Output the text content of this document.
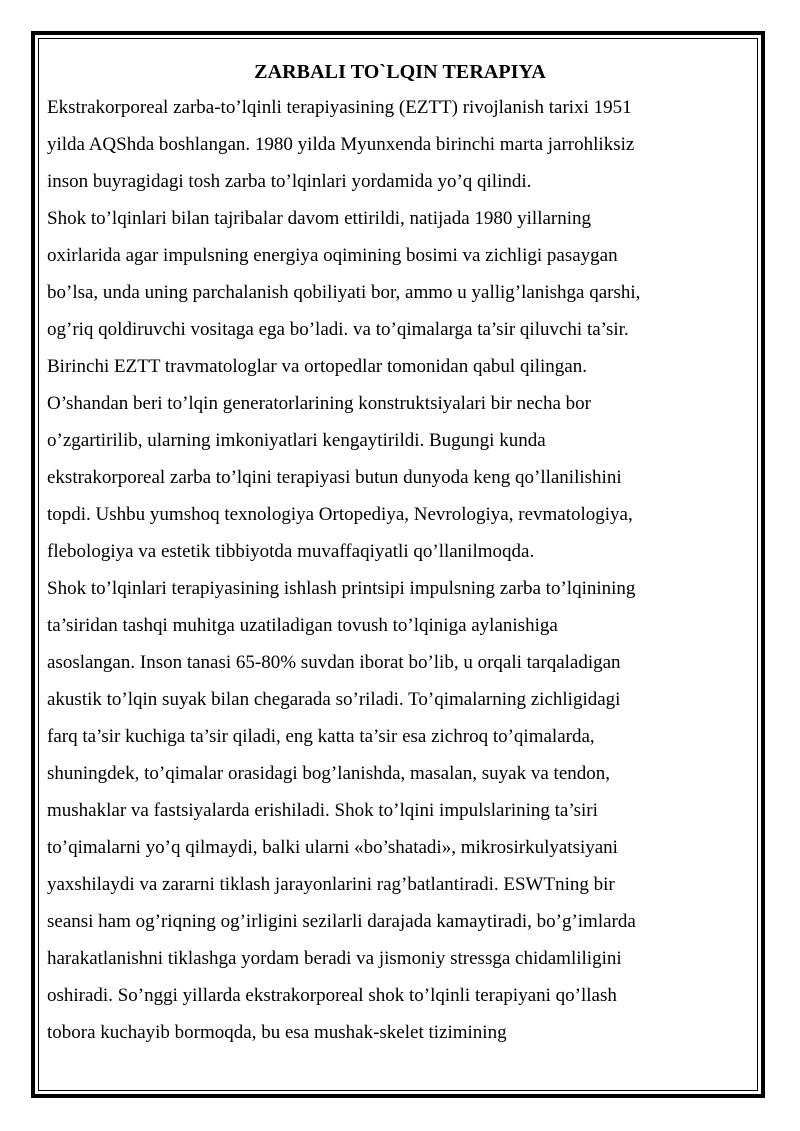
ZARBALI TO`LQIN TERAPIYA

Ekstrakorporeal zarba-to’lqinli terapiyasining (EZTT) rivojlanish tarixi 1951
yilda AQShda boshlangan. 1980 yilda Myunxenda birinchi marta jarrohliksiz
inson buyragidagi tosh zarba to’lqinlari yordamida yo’q qilindi.

Shok to’lqinlari bilan tajribalar davom ettirildi, natijada 1980 yillarning
oxirlarida agar impulsning energiya oqimining bosimi va zichligi pasaygan
bo’lsa, unda uning parchalanish qobiliyati bor, ammo u yallig’lanishga qarshi,
og’riq qoldiruvchi vositaga ega bo’ladi. va to’qimalarga ta’sir qiluvchi ta’sir.
Birinchi EZTT travmatologlar va ortopedlar tomonidan qabul qilingan.
O’shandan beri to’lqin generatorlarining konstruktsiyalari bir necha bor
o’zgartirilib, ularning imkoniyatlari kengaytirildi. Bugungi kunda
ekstrakorporeal zarba to’lqini terapiyasi butun dunyoda keng qo’llanilishini
topdi. Ushbu yumshoq texnologiya Ortopediya, Nevrologiya, revmatologiya,
flebologiya va estetik tibbiyotda muvaffaqiyatli qo’llanilmoqda.

Shok to’lqinlari terapiyasining ishlash printsipi impulsning zarba to’lqinining
ta’siridan tashqi muhitga uzatiladigan tovush to’lqiniga aylanishiga
asoslangan. Inson tanasi 65-80% suvdan iborat bo’lib, u orqali tarqaladigan
akustik to’lqin suyak bilan chegarada so’riladi. To’qimalarning zichligidagi
farq ta’sir kuchiga ta’sir qiladi, eng katta ta’sir esa zichroq to’qimalarda,
shuningdek, to’qimalar orasidagi bog’lanishda, masalan, suyak va tendon,
mushaklar va fastsiyalarda erishiladi. Shok to’lqini impulslarining ta’siri
to’qimalarni yo’q qilmaydi, balki ularni «bo’shatadi», mikrosirkulyatsiyani
yaxshilaydi va zararni tiklash jarayonlarini rag’batlantiradi. ESWTning bir
seansi ham og’riqning og’irligini sezilarli darajada kamaytiradi, bo’g’imlarda
harakatlanishni tiklashga yordam beradi va jismoniy stressga chidamliligini
oshiradi. So’nggi yillarda ekstrakorporeal shok to’lqinli terapiyani qo’llash
tobora kuchayib bormoqda, bu esa mushak-skelet tizimining
